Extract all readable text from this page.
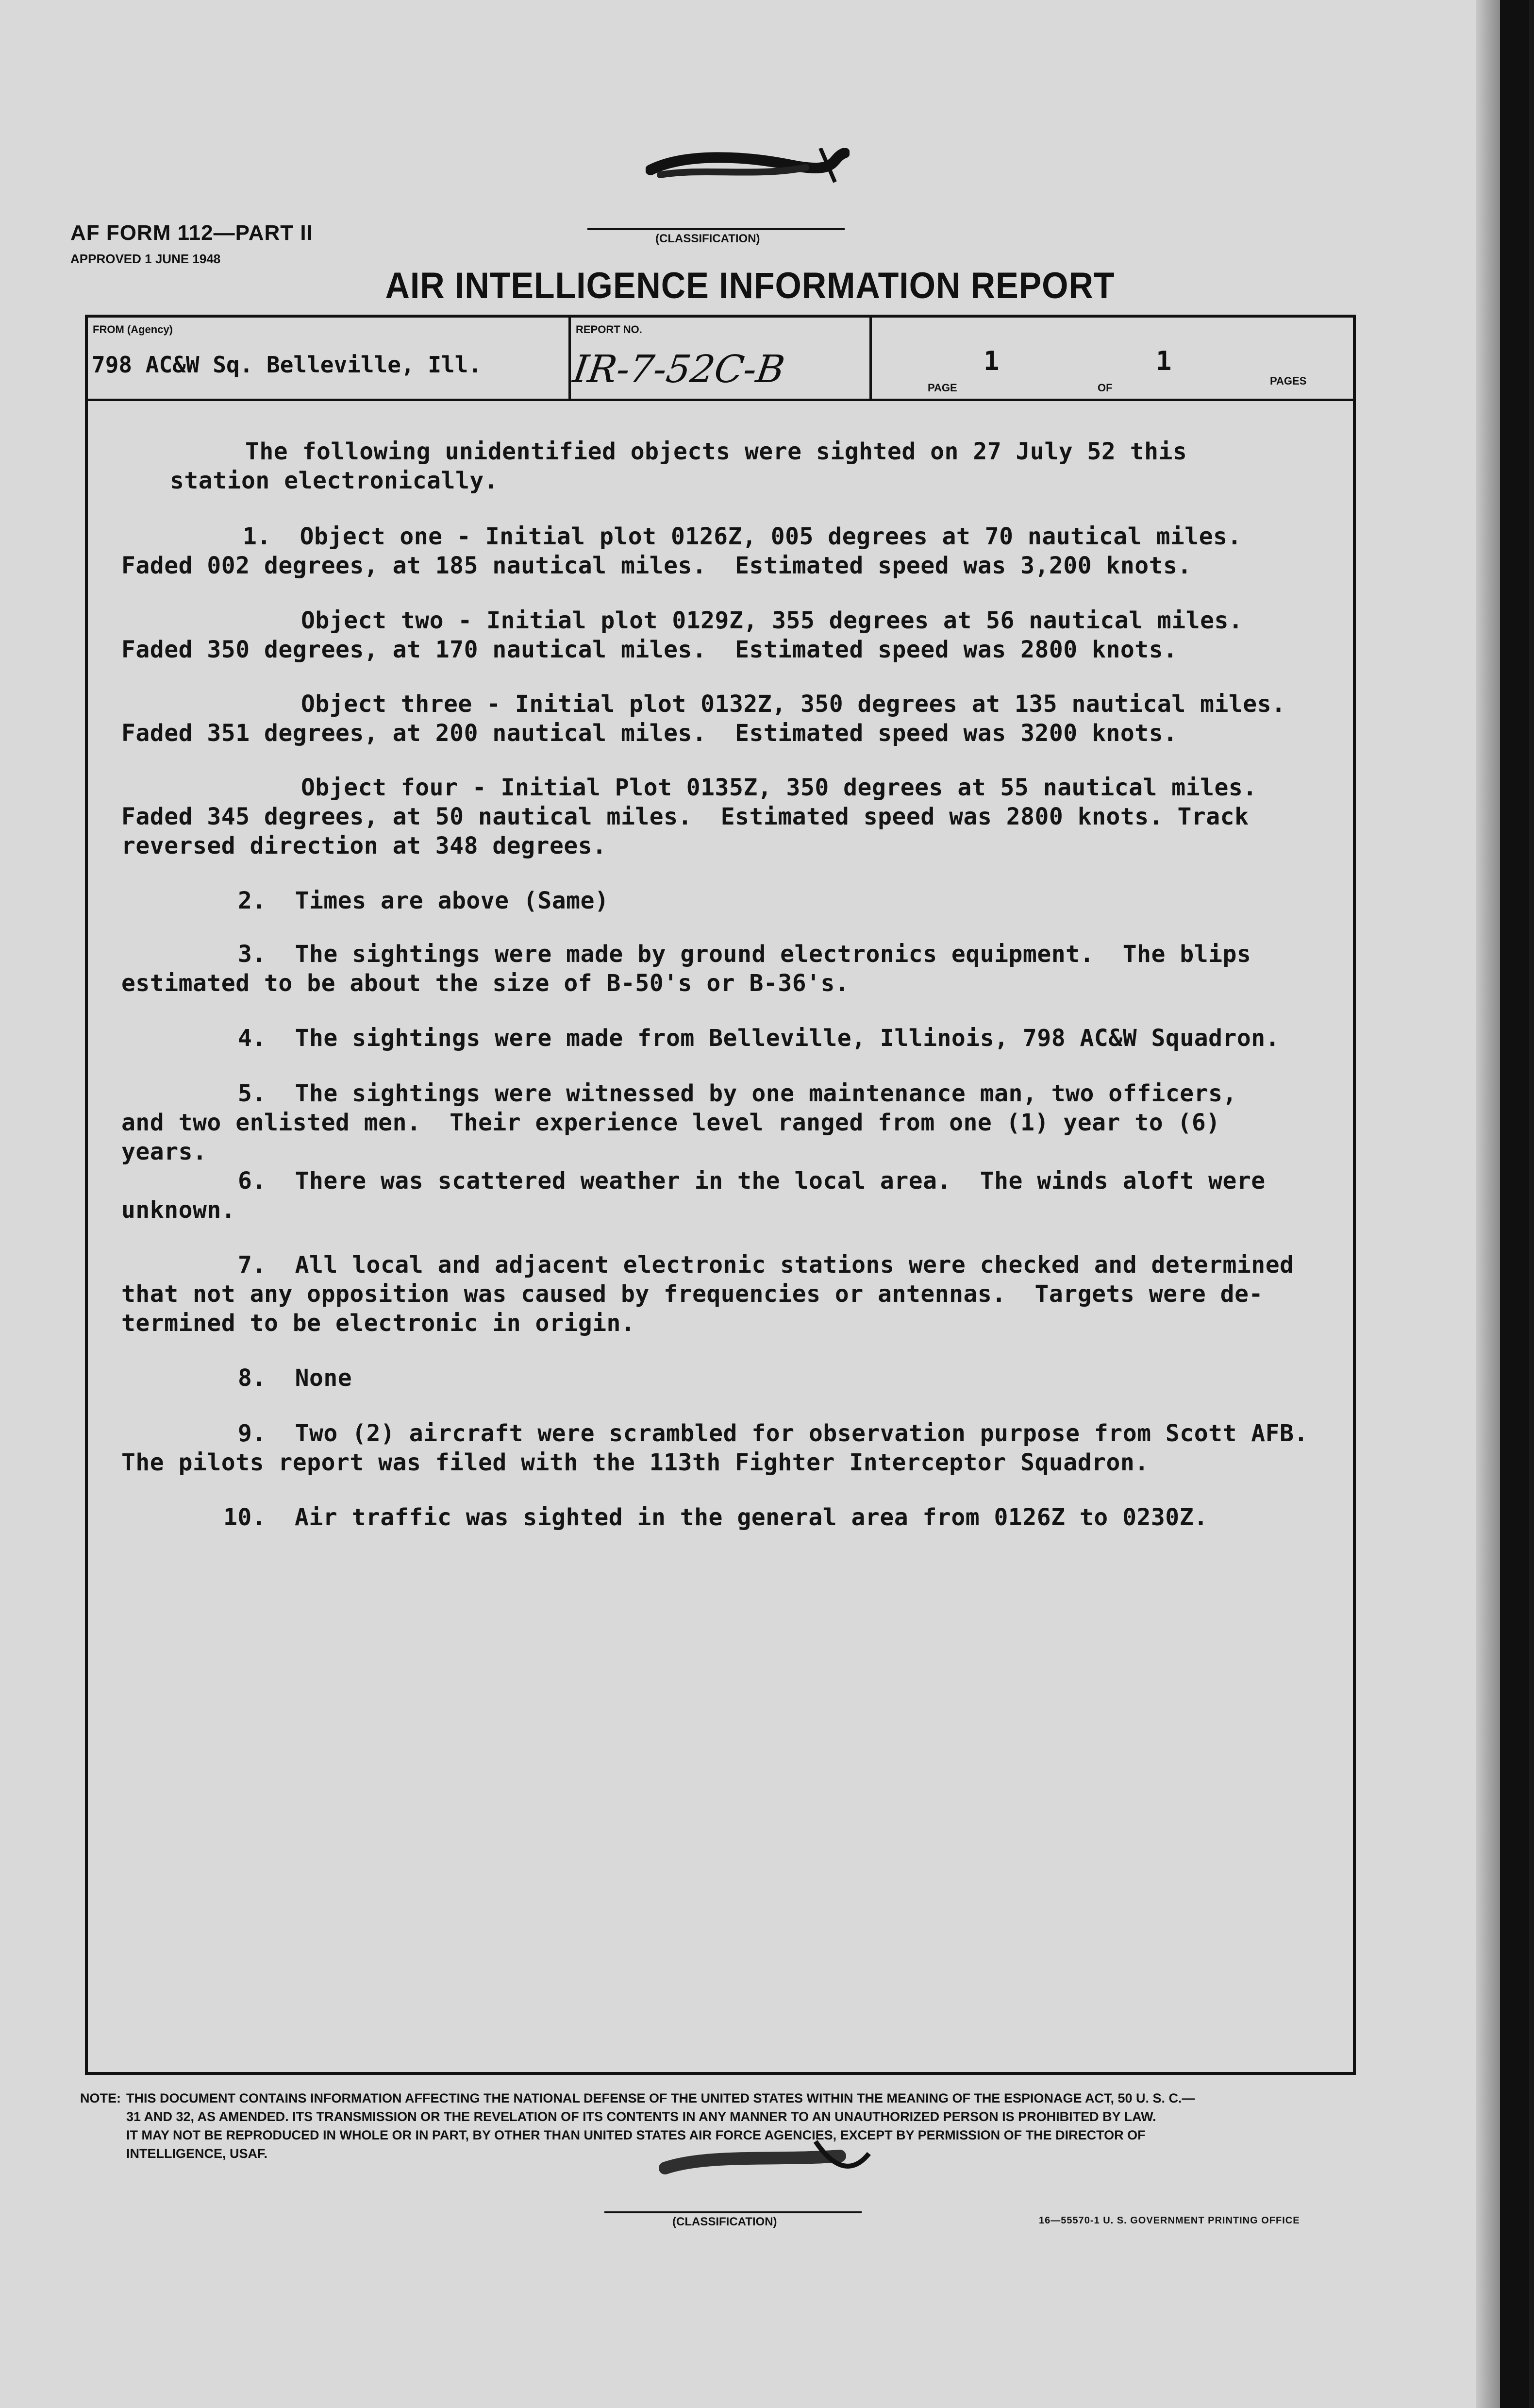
AF FORM 112—PART II
APPROVED 1 JUNE 1948
(CLASSIFICATION)
AIR INTELLIGENCE INFORMATION REPORT
FROM (Agency)
798 AC&W Sq. Belleville, Ill.
REPORT NO.
IR-7-52C-B	PAGE
1
OF
1
PAGES

The following unidentified objects were sighted on 27 July 52 this

station electronically.

1.  Object one - Initial plot 0126Z, 005 degrees at 70 nautical miles.

Faded 002 degrees, at 185 nautical miles.  Estimated speed was 3,200 knots.

Object two - Initial plot 0129Z, 355 degrees at 56 nautical miles.

Faded 350 degrees, at 170 nautical miles.  Estimated speed was 2800 knots.

Object three - Initial plot 0132Z, 350 degrees at 135 nautical miles.

Faded 351 degrees, at 200 nautical miles.  Estimated speed was 3200 knots.

Object four - Initial Plot 0135Z, 350 degrees at 55 nautical miles.

Faded 345 degrees, at 50 nautical miles.  Estimated speed was 2800 knots. Track

reversed direction at 348 degrees.

2.  Times are above (Same)

3.  The sightings were made by ground electronics equipment.  The blips

estimated to be about the size of B-50's or B-36's.

4.  The sightings were made from Belleville, Illinois, 798 AC&W Squadron.

5.  The sightings were witnessed by one maintenance man, two officers,

and two enlisted men.  Their experience level ranged from one (1) year to (6)

years.

6.  There was scattered weather in the local area.  The winds aloft were

unknown.

7.  All local and adjacent electronic stations were checked and determined

that not any opposition was caused by frequencies or antennas.  Targets were de-

termined to be electronic in origin.

8.  None

9.  Two (2) aircraft were scrambled for observation purpose from Scott AFB.

The pilots report was filed with the 113th Fighter Interceptor Squadron.

10.  Air traffic was sighted in the general area from 0126Z to 0230Z.

NOTE: THIS DOCUMENT CONTAINS INFORMATION AFFECTING THE NATIONAL DEFENSE OF THE UNITED STATES WITHIN THE MEANING OF THE ESPIONAGE ACT, 50 U. S. C.—
31 AND 32, AS AMENDED. ITS TRANSMISSION OR THE REVELATION OF ITS CONTENTS IN ANY MANNER TO AN UNAUTHORIZED PERSON IS PROHIBITED BY LAW.
IT MAY NOT BE REPRODUCED IN WHOLE OR IN PART, BY OTHER THAN UNITED STATES AIR FORCE AGENCIES, EXCEPT BY PERMISSION OF THE DIRECTOR OF
INTELLIGENCE, USAF.
(CLASSIFICATION)	16—55570-1 U. S. GOVERNMENT PRINTING OFFICE
